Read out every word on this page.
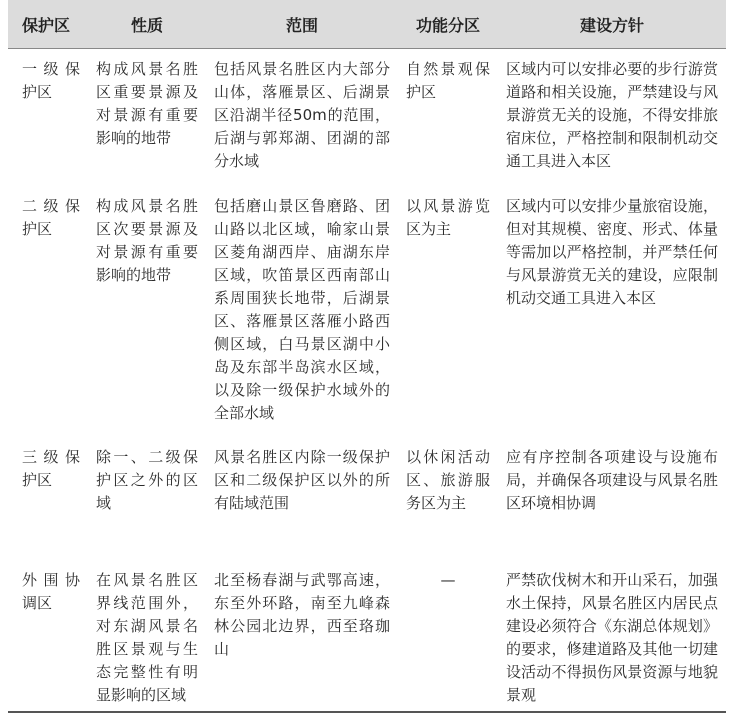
保护区	性质	范围	功能分区	建设方针
一级保护区	构成风景名胜区重要景源及对景源有重要影响的地带	包括风景名胜区内大部分山体，落雁景区、后湖景区沿湖半径50m的范围，后湖与郭郑湖、团湖的部分水域	自然景观保护区	区域内可以安排必要的步行游赏道路和相关设施，严禁建设与风景游赏无关的设施，不得安排旅宿床位，严格控制和限制机动交通工具进入本区
二级保护区	构成风景名胜区次要景源及对景源有重要影响的地带	包括磨山景区鲁磨路、团山路以北区域，喻家山景区菱角湖西岸、庙湖东岸区域，吹笛景区西南部山系周围狭长地带，后湖景区、落雁景区落雁小路西侧区域，白马景区湖中小岛及东部半岛滨水区域，以及除一级保护水域外的全部水域	以风景游览区为主	区域内可以安排少量旅宿设施，但对其规模、密度、形式、体量等需加以严格控制，并严禁任何与风景游赏无关的建设，应限制机动交通工具进入本区
三级保护区	除一、二级保护区之外的区域	风景名胜区内除一级保护区和二级保护区以外的所有陆域范围	以休闲活动区、旅游服务区为主	应有序控制各项建设与设施布局，并确保各项建设与风景名胜区环境相协调
外围协调区	在风景名胜区界线范围外，对东湖风景名胜区景观与生态完整性有明显影响的区域	北至杨春湖与武鄂高速，东至外环路，南至九峰森林公园北边界，西至珞珈山	—	严禁砍伐树木和开山采石，加强水土保持，风景名胜区内居民点建设必须符合《东湖总体规划》的要求，修建道路及其他一切建设活动不得损伤风景资源与地貌景观
